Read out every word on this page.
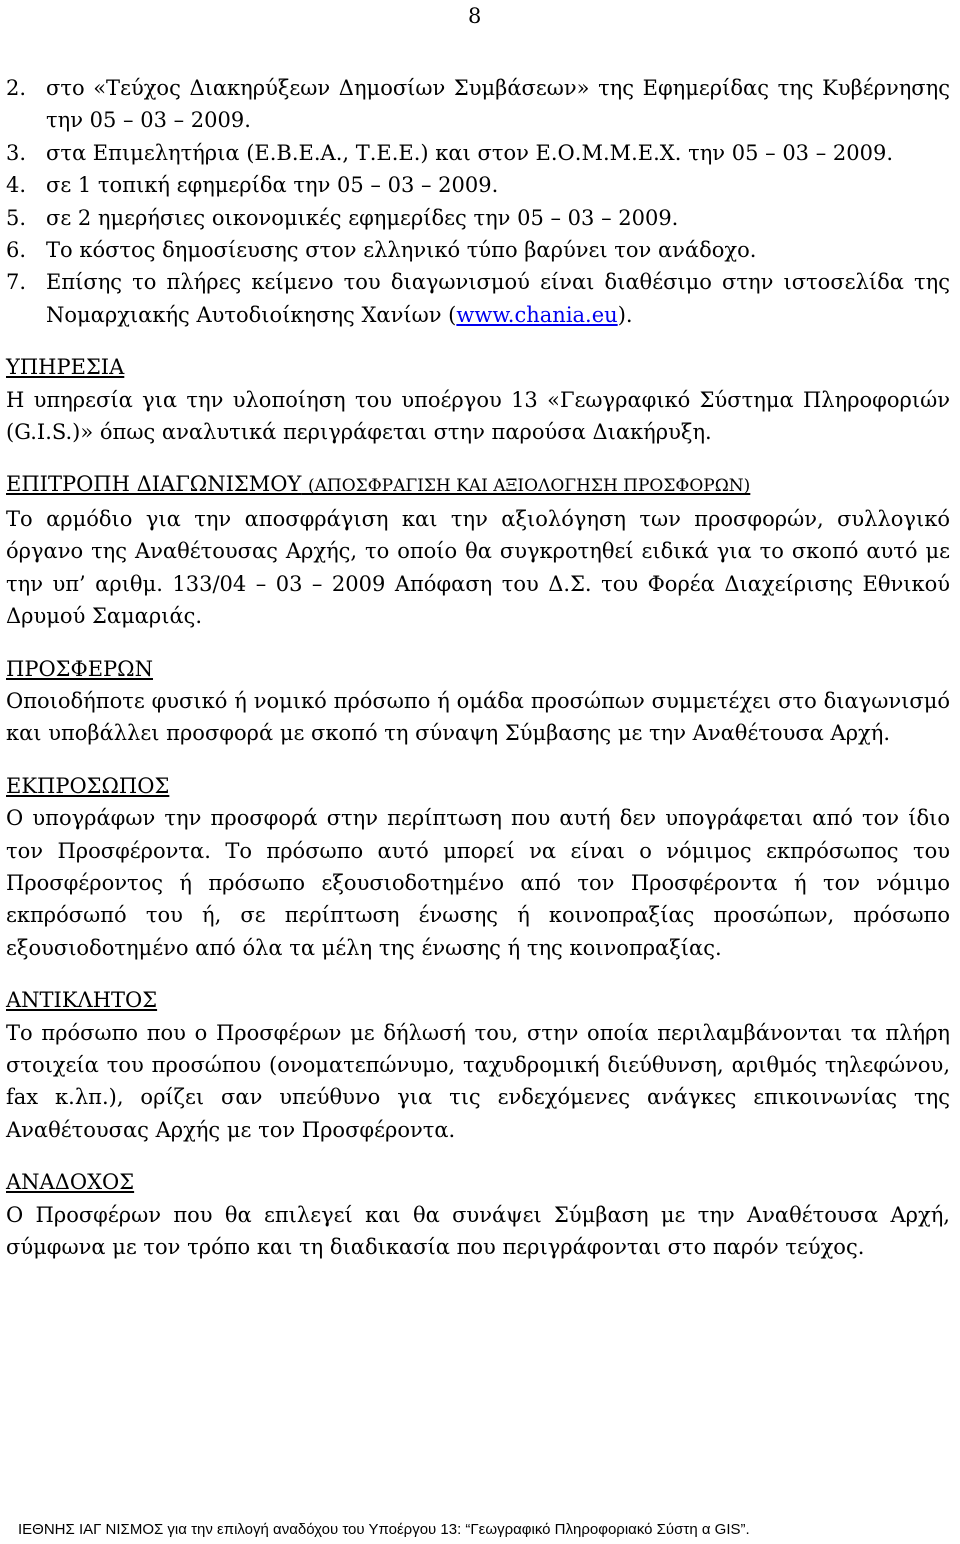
8
2. στο «Τεύχος Διακηρύξεων Δημοσίων Συμβάσεων» της Εφημερίδας της Κυβέρνησης την 05 – 03 – 2009.
3. στα Επιμελητήρια (Ε.Β.Ε.Α., Τ.Ε.Ε.) και στον Ε.Ο.Μ.Μ.Ε.Χ. την 05 – 03 – 2009.
4. σε 1 τοπική εφημερίδα την 05 – 03 – 2009.
5. σε 2 ημερήσιες οικονομικές εφημερίδες την 05 – 03 – 2009.
6. Το κόστος δημοσίευσης στον ελληνικό τύπο βαρύνει τον ανάδοχο.
7. Επίσης το πλήρες κείμενο του διαγωνισμού είναι διαθέσιμο στην ιστοσελίδα της Νομαρχιακής Αυτοδιοίκησης Χανίων (www.chania.eu).
ΥΠΗΡΕΣΙΑ
Η υπηρεσία για την υλοποίηση του υποέργου 13 «Γεωγραφικό Σύστημα Πληροφοριών (G.I.S.)» όπως αναλυτικά περιγράφεται στην παρούσα Διακήρυξη.
ΕΠΙΤΡΟΠΗ ΔΙΑΓΩΝΙΣΜΟΥ (ΑΠΟΣΦΡΑΓΙΣΗ ΚΑΙ ΑΞΙΟΛΟΓΗΣΗ ΠΡΟΣΦΟΡΩΝ)
Το αρμόδιο για την αποσφράγιση και την αξιολόγηση των προσφορών, συλλογικό όργανο της Αναθέτουσας Αρχής, το οποίο θα συγκροτηθεί ειδικά για το σκοπό αυτό με την υπ’ αριθμ. 133/04 – 03 – 2009 Απόφαση του Δ.Σ. του Φορέα Διαχείρισης Εθνικού Δρυμού Σαμαριάς.
ΠΡΟΣΦΕΡΩΝ
Οποιοδήποτε φυσικό ή νομικό πρόσωπο ή ομάδα προσώπων συμμετέχει στο διαγωνισμό και υποβάλλει προσφορά με σκοπό τη σύναψη Σύμβασης με την Αναθέτουσα Αρχή.
ΕΚΠΡΟΣΩΠΟΣ
Ο υπογράφων την προσφορά στην περίπτωση που αυτή δεν υπογράφεται από τον ίδιο τον Προσφέροντα. Το πρόσωπο αυτό μπορεί να είναι ο νόμιμος εκπρόσωπος του Προσφέροντος ή πρόσωπο εξουσιοδοτημένο από τον Προσφέροντα ή τον νόμιμο εκπρόσωπό του ή, σε περίπτωση ένωσης ή κοινοπραξίας προσώπων, πρόσωπο εξουσιοδοτημένο από όλα τα μέλη της ένωσης ή της κοινοπραξίας.
ΑΝΤΙΚΛΗΤΟΣ
Το πρόσωπο που ο Προσφέρων με δήλωσή του, στην οποία περιλαμβάνονται τα πλήρη στοιχεία του προσώπου (ονοματεπώνυμο, ταχυδρομική διεύθυνση, αριθμός τηλεφώνου, fax κ.λπ.), ορίζει σαν υπεύθυνο για τις ενδεχόμενες ανάγκες επικοινωνίας της Αναθέτουσας Αρχής με τον Προσφέροντα.
ΑΝΑΔΟΧΟΣ
Ο Προσφέρων που θα επιλεγεί και θα συνάψει Σύμβαση με την Αναθέτουσα Αρχή, σύμφωνα με τον τρόπο και τη διαδικασία που περιγράφονται στο παρόν τεύχος.
ΙΕΘΝΗΣ ΙΑΓ ΝΙΣΜΟΣ για την επιλογή αναδόχου του Υποέργου 13: “Γεωγραφικό Πληροφοριακό Σύστη α GIS”.
